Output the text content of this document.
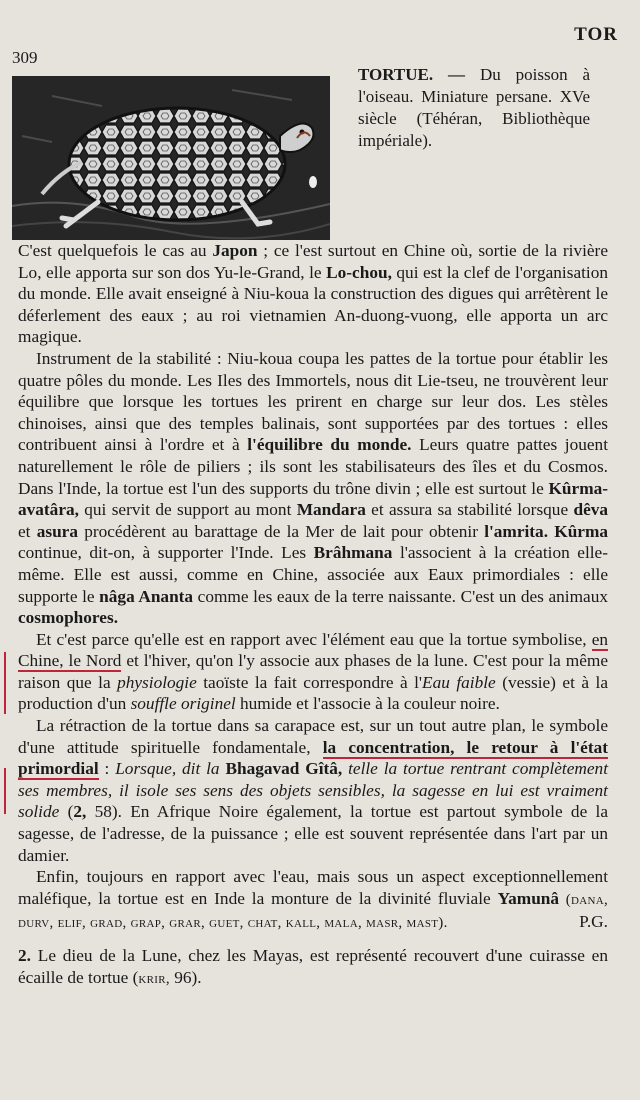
309
TOR
TORTUE. — Du poisson à l'oiseau. Miniature persane. XVe siècle (Téhéran, Bibliothèque impériale).

C'est quelquefois le cas au Japon ; ce l'est surtout en Chine où, sortie de la rivière Lo, elle apporta sur son dos Yu-le-Grand, le Lo-chou, qui est la clef de l'organisation du monde. Elle avait enseigné à Niu-koua la construction des digues qui arrêtèrent le déferlement des eaux ; au roi vietnamien An-duong-vuong, elle apporta un arc magique.

Instrument de la stabilité : Niu-koua coupa les pattes de la tortue pour établir les quatre pôles du monde. Les Iles des Immortels, nous dit Lie-tseu, ne trouvèrent leur équilibre que lorsque les tortues les prirent en charge sur leur dos. Les stèles chinoises, ainsi que des temples balinais, sont supportées par des tortues : elles contribuent ainsi à l'ordre et à l'équilibre du monde. Leurs quatre pattes jouent naturellement le rôle de piliers ; ils sont les stabilisateurs des îles et du Cosmos. Dans l'Inde, la tortue est l'un des supports du trône divin ; elle est surtout le Kûrma-avatâra, qui servit de support au mont Mandara et assura sa stabilité lorsque dêva et asura procédèrent au barattage de la Mer de lait pour obtenir l'amrita. Kûrma continue, dit-on, à supporter l'Inde. Les Brâhmana l'associent à la création elle-même. Elle est aussi, comme en Chine, associée aux Eaux primordiales : elle supporte le nâga Ananta comme les eaux de la terre naissante. C'est un des animaux cosmophores.

Et c'est parce qu'elle est en rapport avec l'élément eau que la tortue symbolise, en Chine, le Nord et l'hiver, qu'on l'y associe aux phases de la lune. C'est pour la même raison que la physiologie taoïste la fait correspondre à l'Eau faible (vessie) et à la production d'un souffle originel humide et l'associe à la couleur noire.

La rétraction de la tortue dans sa carapace est, sur un tout autre plan, le symbole d'une attitude spirituelle fondamentale, la concentration, le retour à l'état primordial : Lorsque, dit la Bhagavad Gîtâ, telle la tortue rentrant complètement ses membres, il isole ses sens des objets sensibles, la sagesse en lui est vraiment solide (2, 58). En Afrique Noire également, la tortue est partout symbole de la sagesse, de l'adresse, de la puissance ; elle est souvent représentée dans l'art par un damier.

Enfin, toujours en rapport avec l'eau, mais sous un aspect exceptionnellement maléfique, la tortue est en Inde la monture de la divinité fluviale Yamunâ (dana, durv, elif, grad, grap, grar, guet, chat, kall, mala, masr, mast).	P.G.

2. Le dieu de la Lune, chez les Mayas, est représenté recouvert d'une cuirasse en écaille de tortue (krir, 96).
